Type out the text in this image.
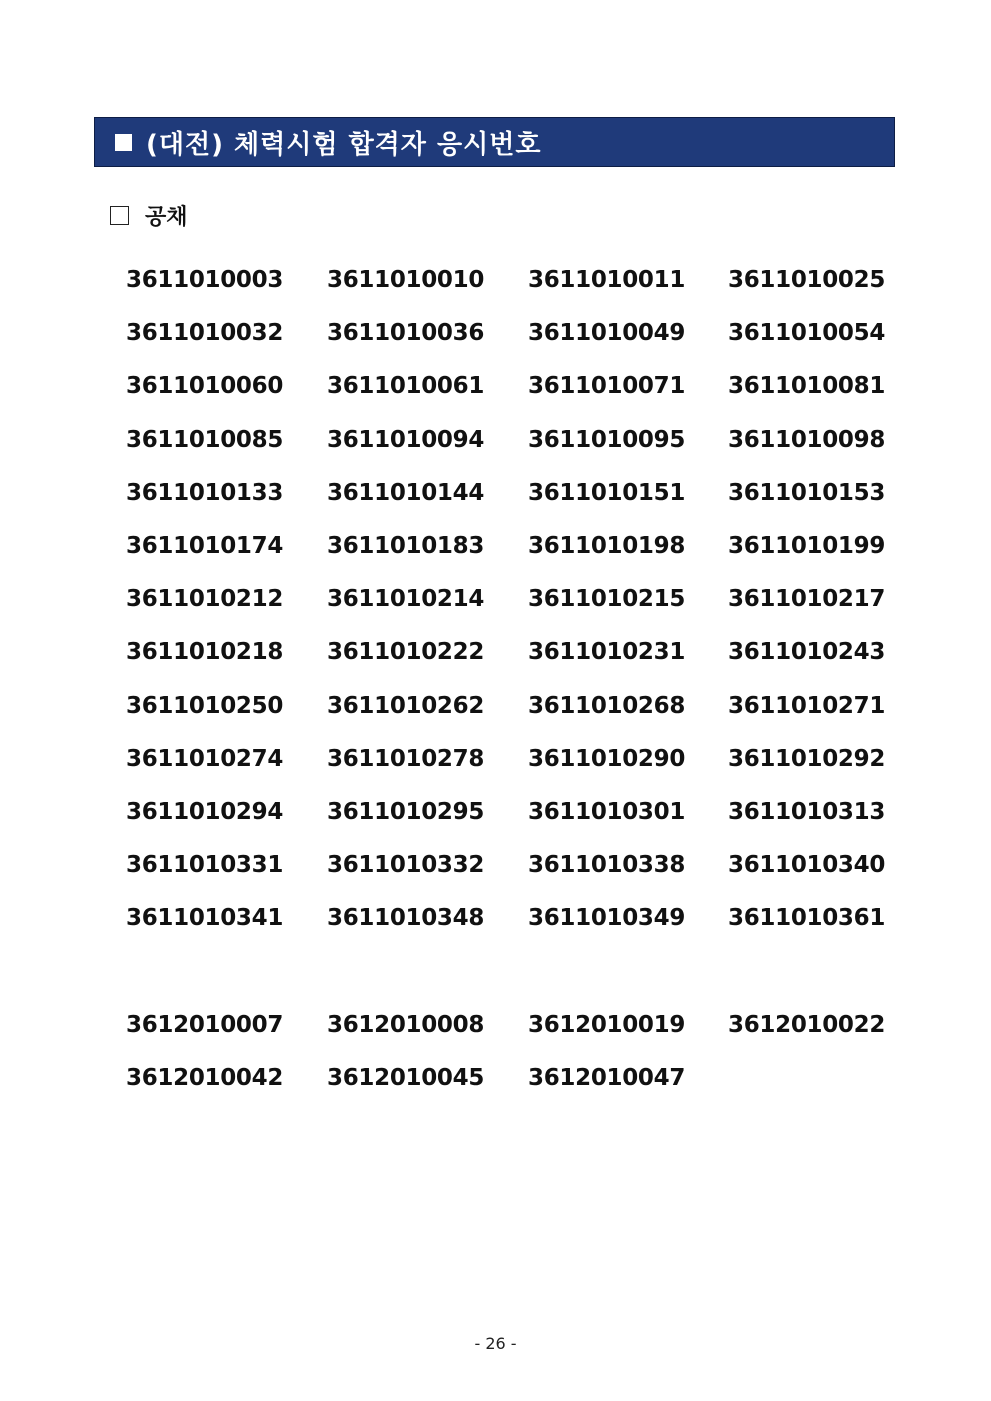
(대전) 체력시험 합격자 응시번호
공채
3611010003 3611010010 3611010011 3611010025
3611010032 3611010036 3611010049 3611010054
3611010060 3611010061 3611010071 3611010081
3611010085 3611010094 3611010095 3611010098
3611010133 3611010144 3611010151 3611010153
3611010174 3611010183 3611010198 3611010199
3611010212 3611010214 3611010215 3611010217
3611010218 3611010222 3611010231 3611010243
3611010250 3611010262 3611010268 3611010271
3611010274 3611010278 3611010290 3611010292
3611010294 3611010295 3611010301 3611010313
3611010331 3611010332 3611010338 3611010340
3611010341 3611010348 3611010349 3611010361
3612010007 3612010008 3612010019 3612010022
3612010042 3612010045 3612010047
- 26 -
